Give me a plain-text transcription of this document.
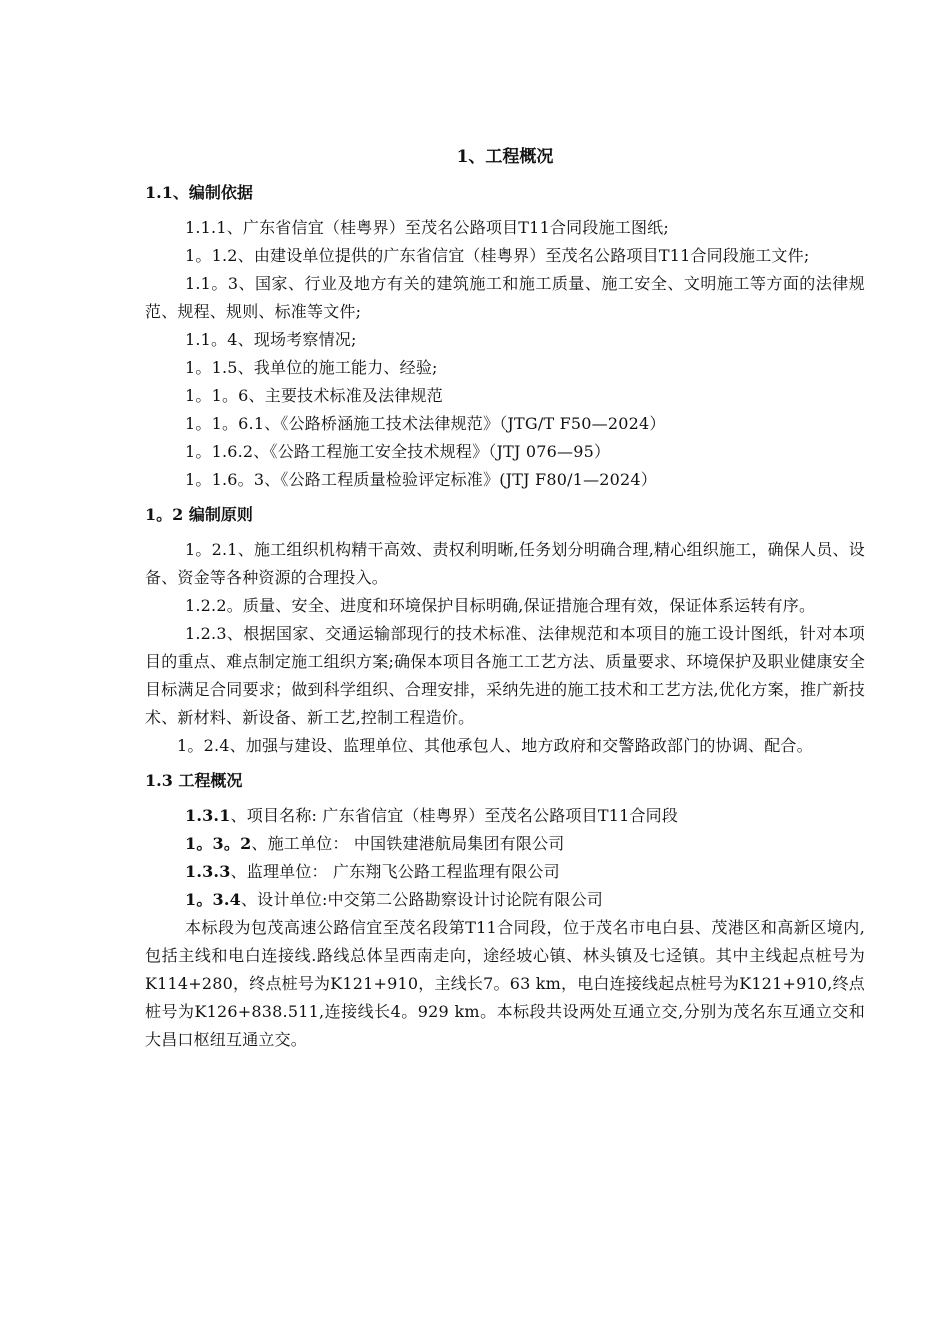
1、工程概况
1.1、编制依据

1.1.1、广东省信宜（桂粤界）至茂名公路项目T11合同段施工图纸;

1。1.2、由建设单位提供的广东省信宜（桂粤界）至茂名公路项目T11合同段施工文件;

1.1。3、国家、行业及地方有关的建筑施工和施工质量、施工安全、文明施工等方面的法律规范、规程、规则、标准等文件;

1.1。4、现场考察情况;

1。1.5、我单位的施工能力、经验;

1。1。6、主要技术标准及法律规范

1。1。6.1、《公路桥涵施工技术法律规范》（JTG/T F50—2024）

1。1.6.2、《公路工程施工安全技术规程》（JTJ 076—95）

1。1.6。3、《公路工程质量检验评定标准》(JTJ F80/1—2024）

1。2 编制原则

1。2.1、施工组织机构精干高效、责权利明晰,任务划分明确合理,精心组织施工，确保人员、设备、资金等各种资源的合理投入。

1.2.2。质量、安全、进度和环境保护目标明确,保证措施合理有效，保证体系运转有序。

1.2.3、根据国家、交通运输部现行的技术标准、法律规范和本项目的施工设计图纸，针对本项目的重点、难点制定施工组织方案;确保本项目各施工工艺方法、质量要求、环境保护及职业健康安全目标满足合同要求；做到科学组织、合理安排，采纳先进的施工技术和工艺方法,优化方案，推广新技术、新材料、新设备、新工艺,控制工程造价。

1。2.4、加强与建设、监理单位、其他承包人、地方政府和交警路政部门的协调、配合。

1.3 工程概况

1.3.1、项目名称: 广东省信宜（桂粤界）至茂名公路项目T11合同段

1。3。2、施工单位： 中国铁建港航局集团有限公司

1.3.3、监理单位： 广东翔飞公路工程监理有限公司

1。3.4、设计单位:中交第二公路勘察设计讨论院有限公司

本标段为包茂高速公路信宜至茂名段第T11合同段，位于茂名市电白县、茂港区和高新区境内,包括主线和电白连接线.路线总体呈西南走向，途经坡心镇、林头镇及七迳镇。其中主线起点桩号为K114+280，终点桩号为K121+910，主线长7。63 km，电白连接线起点桩号为K121+910,终点桩号为K126+838.511,连接线长4。929 km。本标段共设两处互通立交,分别为茂名东互通立交和大昌口枢纽互通立交。
